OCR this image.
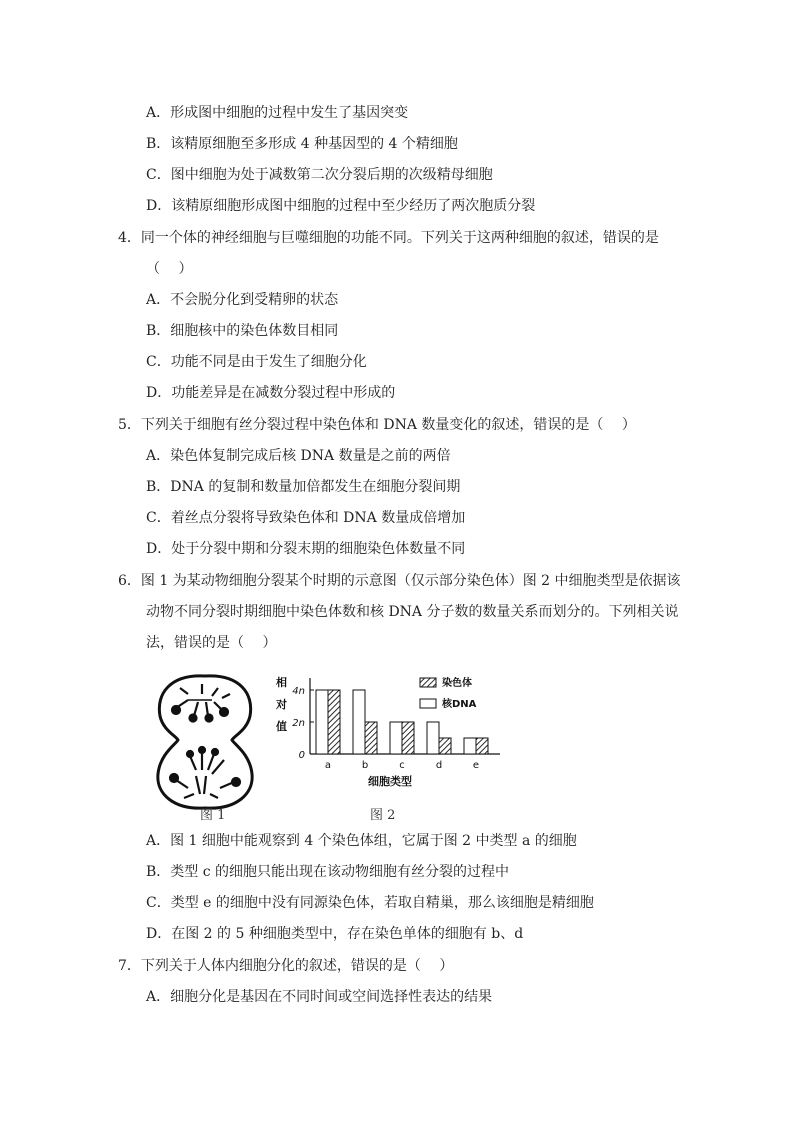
A．形成图中细胞的过程中发生了基因突变
B．该精原细胞至多形成 4 种基因型的 4 个精细胞
C．图中细胞为处于减数第二次分裂后期的次级精母细胞
D．该精原细胞形成图中细胞的过程中至少经历了两次胞质分裂
4．同一个体的神经细胞与巨噬细胞的功能不同。下列关于这两种细胞的叙述，错误的是
（　 ）
A．不会脱分化到受精卵的状态
B．细胞核中的染色体数目相同
C．功能不同是由于发生了细胞分化
D．功能差异是在减数分裂过程中形成的
5．下列关于细胞有丝分裂过程中染色体和 DNA 数量变化的叙述，错误的是（　 ）
A．染色体复制完成后核 DNA 数量是之前的两倍
B．DNA 的复制和数量加倍都发生在细胞分裂间期
C．着丝点分裂将导致染色体和 DNA 数量成倍增加
D．处于分裂中期和分裂末期的细胞染色体数量不同
6．图 1 为某动物细胞分裂某个时期的示意图（仅示部分染色体）图 2 中细胞类型是依据该
动物不同分裂时期细胞中染色体数和核 DNA 分子数的数量关系而划分的。下列相关说
法，错误的是（　 ）
图 1
相
对
值
4n
2n
0
a	b	c	d	e
染色体
核DNA
细胞类型
图 2
A．图 1 细胞中能观察到 4 个染色体组，它属于图 2 中类型 a 的细胞
B．类型 c 的细胞只能出现在该动物细胞有丝分裂的过程中
C．类型 e 的细胞中没有同源染色体，若取自精巢，那么该细胞是精细胞
D．在图 2 的 5 种细胞类型中，存在染色单体的细胞有 b、d
7．下列关于人体内细胞分化的叙述，错误的是（　 ）
A．细胞分化是基因在不同时间或空间选择性表达的结果
